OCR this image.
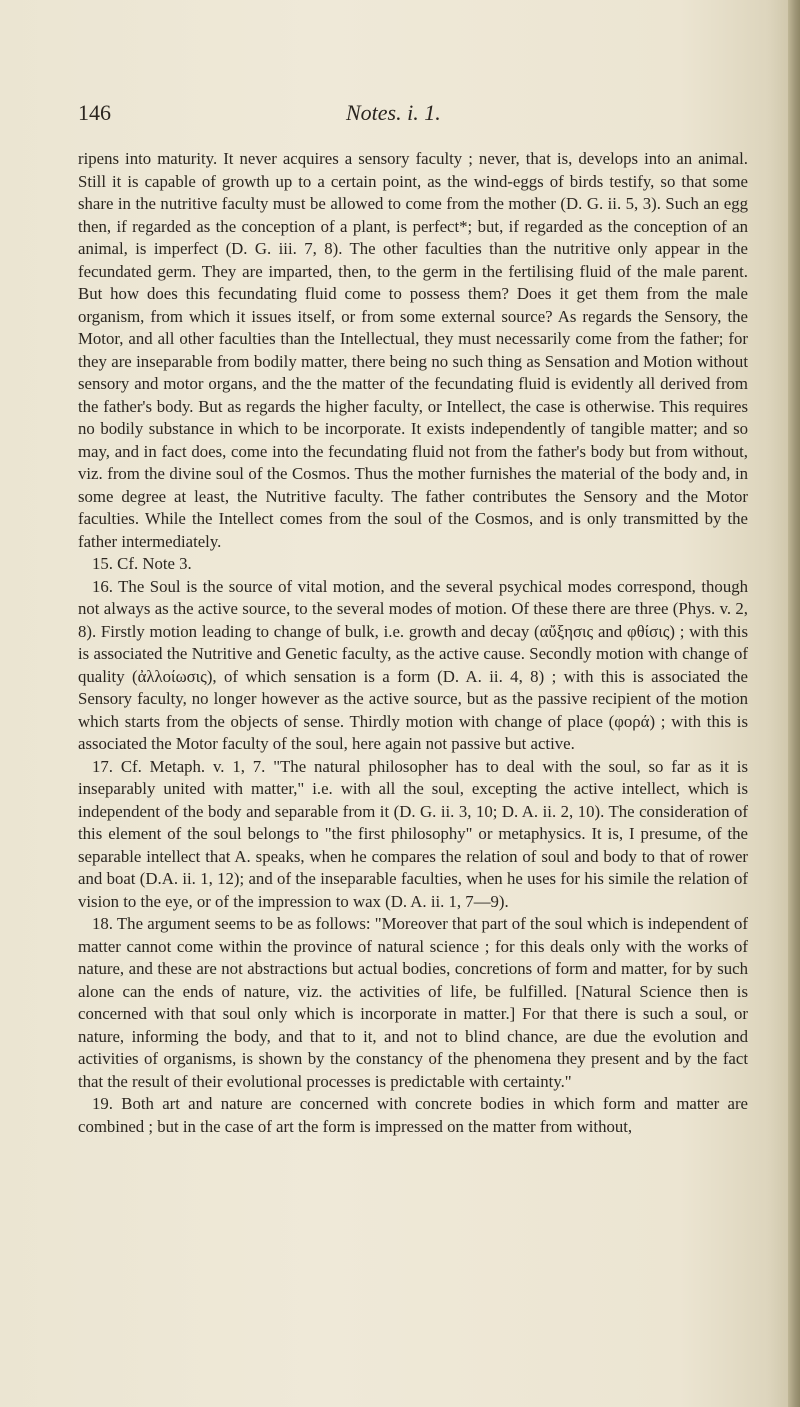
146	Notes. i. 1.

ripens into maturity. It never acquires a sensory faculty ; never, that is, develops into an animal. Still it is capable of growth up to a certain point, as the wind-eggs of birds testify, so that some share in the nutritive faculty must be allowed to come from the mother (D. G. ii. 5, 3). Such an egg then, if regarded as the conception of a plant, is perfect*; but, if regarded as the conception of an animal, is imperfect (D. G. iii. 7, 8). The other faculties than the nutritive only appear in the fecundated germ. They are imparted, then, to the germ in the fertilising fluid of the male parent. But how does this fecundating fluid come to possess them? Does it get them from the male organism, from which it issues itself, or from some external source? As regards the Sensory, the Motor, and all other faculties than the Intellectual, they must necessarily come from the father; for they are inseparable from bodily matter, there being no such thing as Sensation and Motion without sensory and motor organs, and the the matter of the fecundating fluid is evidently all derived from the father's body. But as regards the higher faculty, or Intellect, the case is otherwise. This requires no bodily substance in which to be incorporate. It exists independently of tangible matter; and so may, and in fact does, come into the fecundating fluid not from the father's body but from without, viz. from the divine soul of the Cosmos. Thus the mother furnishes the material of the body and, in some degree at least, the Nutritive faculty. The father contributes the Sensory and the Motor faculties. While the Intellect comes from the soul of the Cosmos, and is only transmitted by the father intermediately.

15. Cf. Note 3.

16. The Soul is the source of vital motion, and the several psychical modes correspond, though not always as the active source, to the several modes of motion. Of these there are three (Phys. v. 2, 8). Firstly motion leading to change of bulk, i.e. growth and decay (αὔξησις and φθίσις) ; with this is associated the Nutritive and Genetic faculty, as the active cause. Secondly motion with change of quality (ἀλλοίωσις), of which sensation is a form (D. A. ii. 4, 8) ; with this is associated the Sensory faculty, no longer however as the active source, but as the passive recipient of the motion which starts from the objects of sense. Thirdly motion with change of place (φορά) ; with this is associated the Motor faculty of the soul, here again not passive but active.

17. Cf. Metaph. v. 1, 7. "The natural philosopher has to deal with the soul, so far as it is inseparably united with matter," i.e. with all the soul, excepting the active intellect, which is independent of the body and separable from it (D. G. ii. 3, 10; D. A. ii. 2, 10). The consideration of this element of the soul belongs to "the first philosophy" or metaphysics. It is, I presume, of the separable intellect that A. speaks, when he compares the relation of soul and body to that of rower and boat (D.A. ii. 1, 12); and of the inseparable faculties, when he uses for his simile the relation of vision to the eye, or of the impression to wax (D. A. ii. 1, 7—9).

18. The argument seems to be as follows: "Moreover that part of the soul which is independent of matter cannot come within the province of natural science ; for this deals only with the works of nature, and these are not abstractions but actual bodies, concretions of form and matter, for by such alone can the ends of nature, viz. the activities of life, be fulfilled. [Natural Science then is concerned with that soul only which is incorporate in matter.] For that there is such a soul, or nature, informing the body, and that to it, and not to blind chance, are due the evolution and activities of organisms, is shown by the constancy of the phenomena they present and by the fact that the result of their evolutional processes is predictable with certainty."

19. Both art and nature are concerned with concrete bodies in which form and matter are combined ; but in the case of art the form is impressed on the matter from without,
